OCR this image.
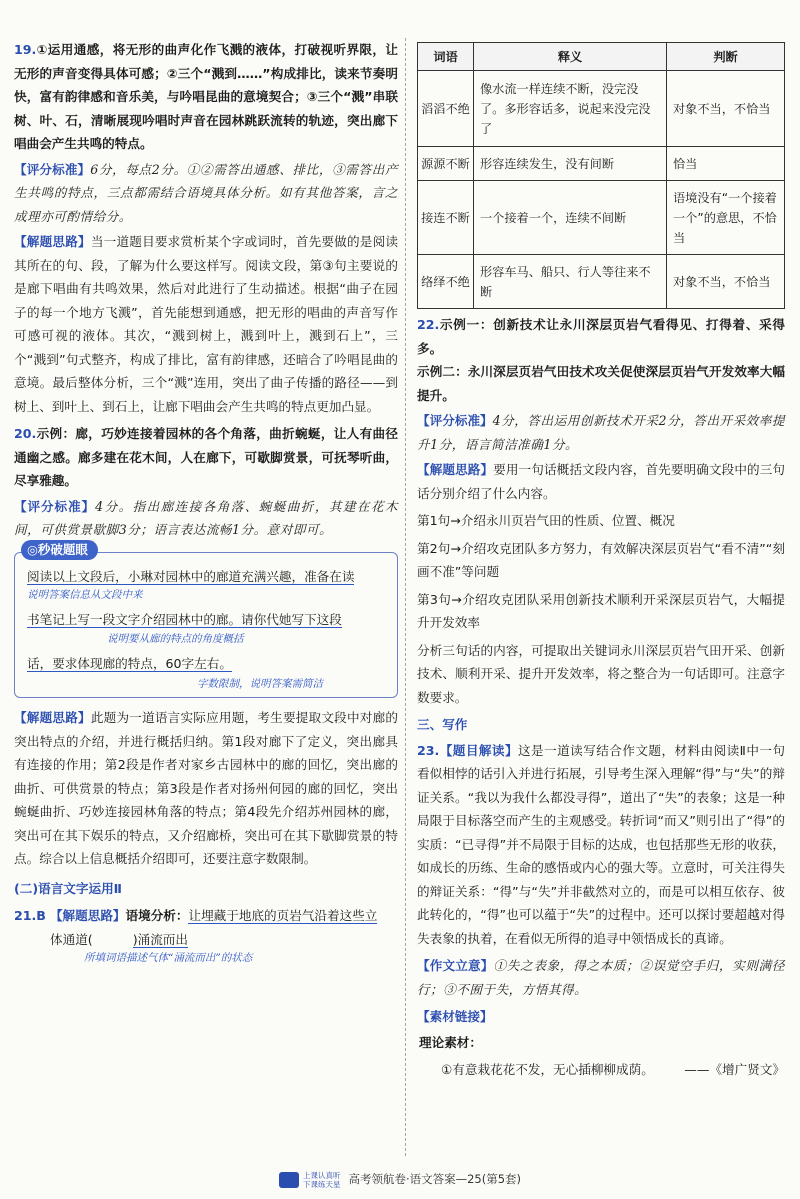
19.①运用通感，将无形的曲声化作飞溅的液体，打破视听界限，让无形的声音变得具体可感；②三个“溅到……”构成排比，读来节奏明快，富有韵律感和音乐美，与吟唱昆曲的意境契合；③三个“溅”串联树、叶、石，清晰展现吟唱时声音在园林跳跃流转的轨迹，突出廊下唱曲会产生共鸣的特点。

【评分标准】6分，每点2分。①②需答出通感、排比，③需答出产生共鸣的特点，三点都需结合语境具体分析。如有其他答案，言之成理亦可酌情给分。

【解题思路】当一道题目要求赏析某个字或词时，首先要做的是阅读其所在的句、段，了解为什么要这样写。阅读文段，第③句主要说的是廊下唱曲有共鸣效果，然后对此进行了生动描述。根据“曲子在园子的每一个地方飞溅”，首先能想到通感，把无形的唱曲的声音写作可感可视的液体。其次，“溅到树上，溅到叶上，溅到石上”，三个“溅到”句式整齐，构成了排比，富有韵律感，还暗合了吟唱昆曲的意境。最后整体分析，三个“溅”连用，突出了曲子传播的路径——到树上、到叶上、到石上，让廊下唱曲会产生共鸣的特点更加凸显。

20.示例：廊，巧妙连接着园林的各个角落，曲折蜿蜒，让人有曲径通幽之感。廊多建在花木间，人在廊下，可歇脚赏景，可抚琴听曲，尽享雅趣。

【评分标准】4分。指出廊连接各角落、蜿蜒曲折，其建在花木间，可供赏景歇脚3分；语言表达流畅1分。意对即可。

◎秒破题眼

阅读以上文段后，小琳对园林中的廊道充满兴趣，准备在读

说明答案信息从文段中来

书笔记上写一段文字介绍园林中的廊。请你代她写下这段

说明要从廊的特点的角度概括

话，要求体现廊的特点，60字左右。

字数限制，说明答案需简洁

【解题思路】此题为一道语言实际应用题，考生要提取文段中对廊的突出特点的介绍，并进行概括归纳。第1段对廊下了定义，突出廊具有连接的作用；第2段是作者对家乡古园林中的廊的回忆，突出廊的曲折、可供赏景的特点；第3段是作者对扬州何园的廊的回忆，突出蜿蜒曲折、巧妙连接园林角落的特点；第4段先介绍苏州园林的廊，突出可在其下娱乐的特点，又介绍廊桥，突出可在其下歇脚赏景的特点。综合以上信息概括介绍即可，还要注意字数限制。

(二)语言文字运用Ⅱ

21.B 【解题思路】语境分析：让埋藏于地底的页岩气沿着这些立

体通道(	)涌流而出

所填词语描述气体“涌流而出”的状态

词语	释义	判断
滔滔不绝	像水流一样连续不断，没完没了。多形容话多，说起来没完没了	对象不当，不恰当
源源不断	形容连续发生，没有间断	恰当
接连不断	一个接着一个，连续不间断	语境没有“一个接着一个”的意思，不恰当
络绎不绝	形容车马、船只、行人等往来不断	对象不当，不恰当

22.示例一：创新技术让永川深层页岩气看得见、打得着、采得多。

示例二：永川深层页岩气田技术攻关促使深层页岩气开发效率大幅提升。

【评分标准】4分，答出运用创新技术开采2分，答出开采效率提升1分，语言简洁准确1分。

【解题思路】要用一句话概括文段内容，首先要明确文段中的三句话分别介绍了什么内容。

第1句→介绍永川页岩气田的性质、位置、概况

第2句→介绍攻克团队多方努力，有效解决深层页岩气“看不清”“刻画不准”等问题

第3句→介绍攻克团队采用创新技术顺利开采深层页岩气，大幅提升开发效率

分析三句话的内容，可提取出关键词永川深层页岩气田开采、创新技术、顺利开采、提升开发效率，将之整合为一句话即可。注意字数要求。

三、写作

23.【题目解读】这是一道读写结合作文题，材料由阅读Ⅱ中一句看似相悖的话引入并进行拓展，引导考生深入理解“得”与“失”的辩证关系。“我以为我什么都没寻得”，道出了“失”的表象；这是一种局限于目标落空而产生的主观感受。转折词“而又”则引出了“得”的实质：“已寻得”并不局限于目标的达成，也包括那些无形的收获，如成长的历练、生命的感悟或内心的强大等。立意时，可关注得失的辩证关系：“得”与“失”并非截然对立的，而是可以相互依存、彼此转化的，“得”也可以蕴于“失”的过程中。还可以探讨要超越对得失表象的执着，在看似无所得的追寻中领悟成长的真谛。

【作文立意】①失之表象，得之本质；②误觉空手归，实则满径行；③不囿于失，方悟其得。

【素材链接】

理论素材：

①有意栽花花不发，无心插柳柳成荫。 ——《增广贤文》

上课认真听
下课练天星 高考领航卷·语文答案—25(第5套)
